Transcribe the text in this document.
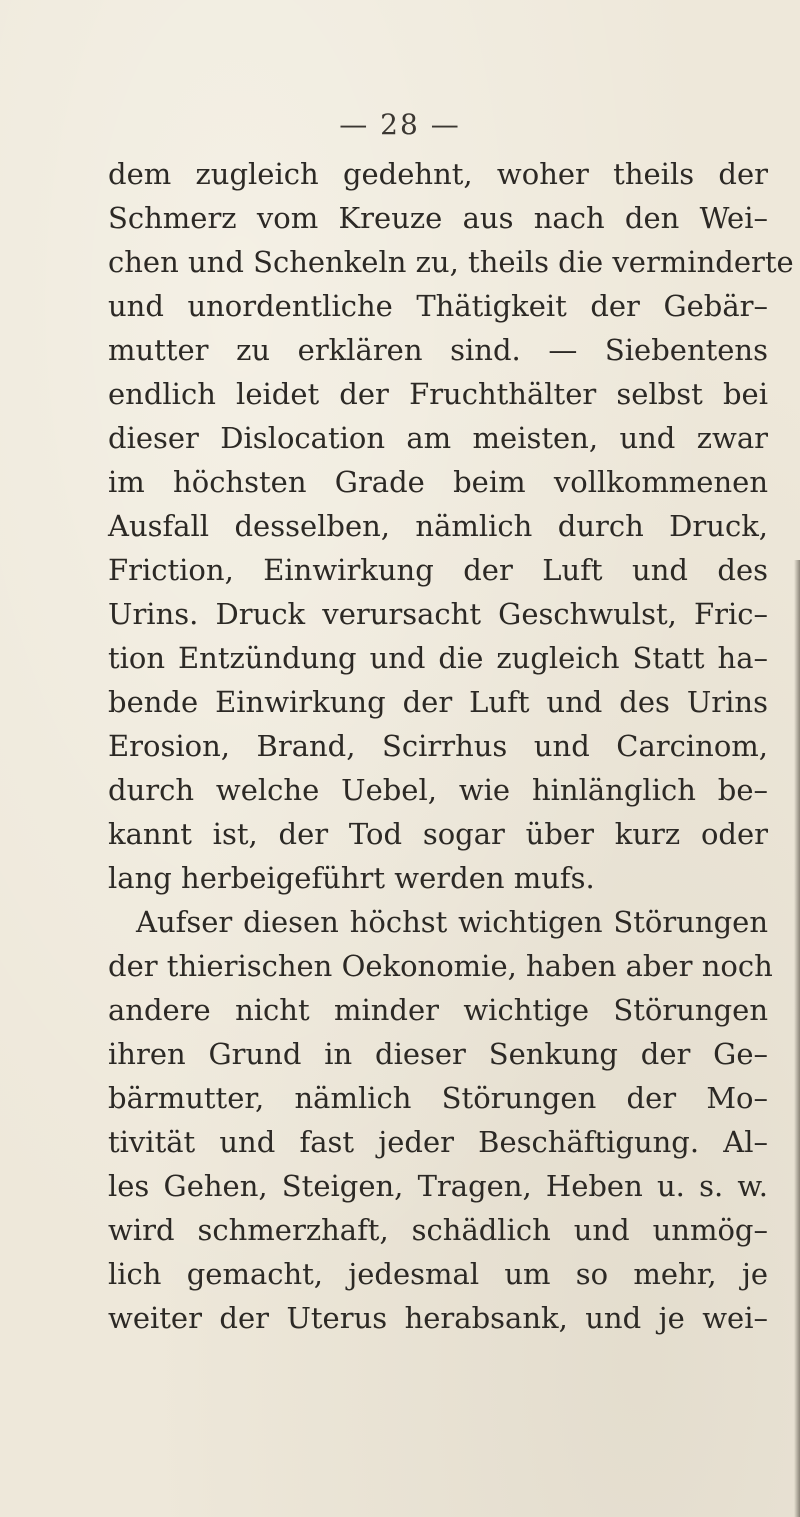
— 28 —
dem zugleich gedehnt, woher theils der
Schmerz vom Kreuze aus nach den Wei–
chen und Schenkeln zu, theils die verminderte
und unordentliche Thätigkeit der Gebär–
mutter zu erklären sind. — Siebentens
endlich leidet der Fruchthälter selbst bei
dieser Dislocation am meisten, und zwar
im höchsten Grade beim vollkommenen
Ausfall desselben, nämlich durch Druck,
Friction, Einwirkung der Luft und des
Urins. Druck verursacht Geschwulst, Fric–
tion Entzündung und die zugleich Statt ha–
bende Einwirkung der Luft und des Urins
Erosion, Brand, Scirrhus und Carcinom,
durch welche Uebel, wie hinlänglich be–
kannt ist, der Tod sogar über kurz oder
lang herbeigeführt werden mufs.
Aufser diesen höchst wichtigen Störungen
der thierischen Oekonomie, haben aber noch
andere nicht minder wichtige Störungen
ihren Grund in dieser Senkung der Ge–
bärmutter, nämlich Störungen der Mo–
tivität und fast jeder Beschäftigung. Al–
les Gehen, Steigen, Tragen, Heben u. s. w.
wird schmerzhaft, schädlich und unmög–
lich gemacht, jedesmal um so mehr, je
weiter der Uterus herabsank, und je wei–
